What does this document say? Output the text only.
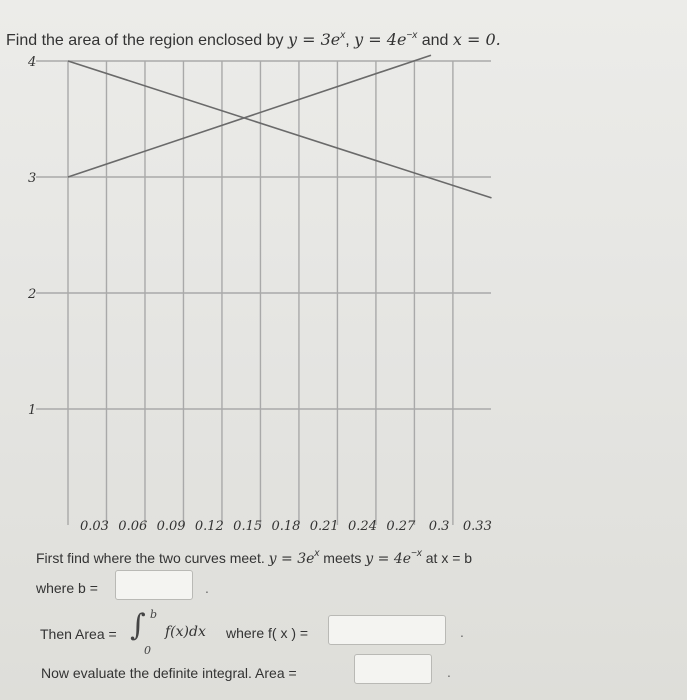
Find the area of the region enclosed by $y = 3e^x$, $y = 4e^{-x}$ and x = 0.
1
2
3
4
0.03 0.06 0.09 0.12 0.15 0.18 0.21 0.24 0.27 0.3 0.33
First find where the two curves meet. $y = 3e^x$ meets $y = 4e^{-x}$ at x = b
where b =	.
Then Area = ∫ b
0
f(x)dx where f( x ) =	.
Now evaluate the definite integral. Area =	.
